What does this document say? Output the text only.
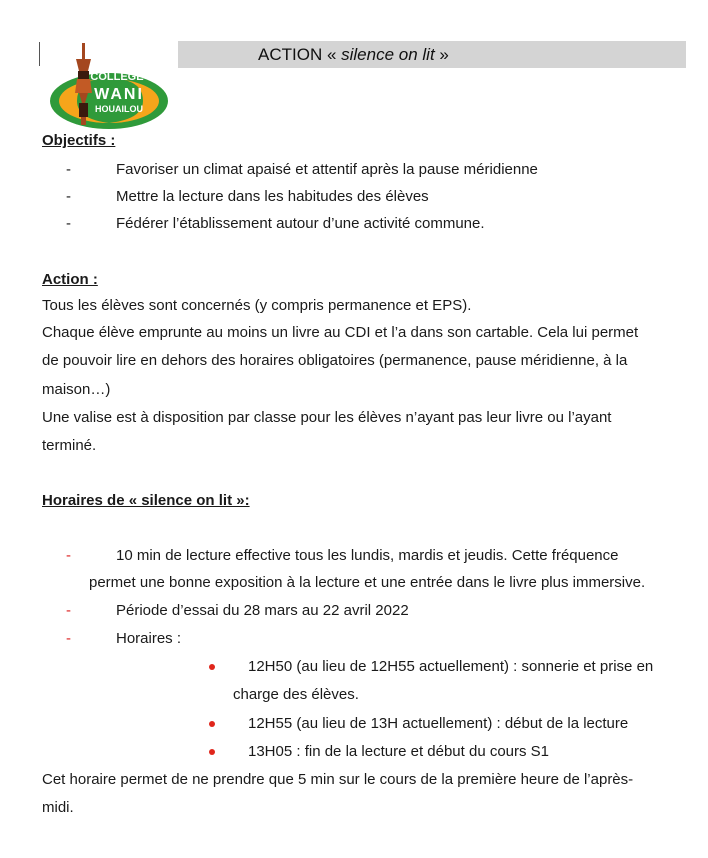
ACTION « silence on lit »
COLLEGE
WANI
HOUAILOU
Objectifs :
-	Favoriser un climat apaisé et attentif après la pause méridienne
-	Mettre la lecture dans les habitudes des élèves
-	Fédérer l’établissement autour d’une activité commune.
Action :
Tous les élèves sont concernés (y compris permanence et EPS).
Chaque élève emprunte au moins un livre au CDI et l’a dans son cartable. Cela lui permet
de pouvoir lire en dehors des horaires obligatoires (permanence, pause méridienne, à la
maison…)
Une valise est à disposition par classe pour les élèves n’ayant pas leur livre ou l’ayant
terminé.
Horaires de « silence on lit »:
-	10 min de lecture effective tous les lundis, mardis et jeudis. Cette fréquence
permet une bonne exposition à la lecture et une entrée dans le livre plus immersive.
-	Période d’essai du 28 mars au 22 avril 2022
-	Horaires :
12H50 (au lieu de 12H55 actuellement) : sonnerie et prise en
charge des élèves.
12H55 (au lieu de 13H actuellement) : début de la lecture
13H05 : fin de la lecture et début du cours S1
Cet horaire permet de ne prendre que 5 min sur le cours de la première heure de l’après-
midi.
